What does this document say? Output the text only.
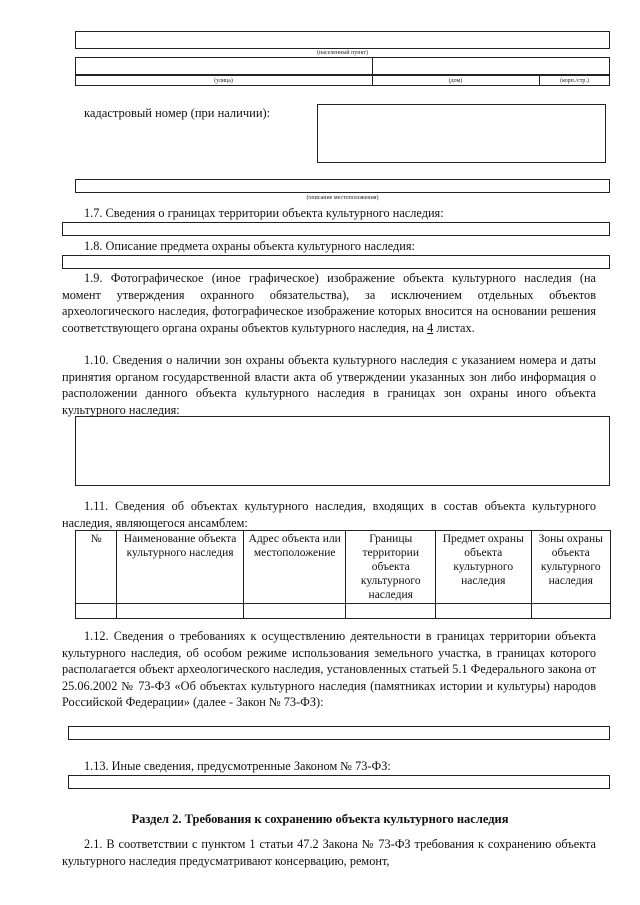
(населенный пункт)
(улица)	(дом)	(корп./стр.)
кадастровый номер (при наличии):
(описание местоположения)
1.7. Сведения о границах территории объекта культурного наследия:
1.8. Описание предмета охраны объекта культурного наследия:

1.9. Фотографическое (иное графическое) изображение объекта культурного наследия (на момент утверждения охранного обязательства), за исключением отдельных объектов археологического наследия, фотографическое изображение которых вносится на основании решения соответствующего органа охраны объектов культурного наследия, на 4 листах.

1.10. Сведения о наличии зон охраны объекта культурного наследия с указанием номера и даты принятия органом государственной власти акта об утверждении указанных зон либо информация о расположении данного объекта культурного наследия в границах зон охраны иного объекта культурного наследия:

1.11. Сведения об объектах культурного наследия, входящих в состав объекта культурного наследия, являющегося ансамблем:

№	Наименование объекта культурного наследия	Адрес объекта или местоположение	Границы территории объекта культурного наследия	Предмет охраны объекта культурного наследия	Зоны охраны объекта культурного наследия

1.12. Сведения о требованиях к осуществлению деятельности в границах территории объекта культурного наследия, об особом режиме использования земельного участка, в границах которого располагается объект археологического наследия, установленных статьей 5.1 Федерального закона от 25.06.2002 № 73-ФЗ «Об объектах культурного наследия (памятниках истории и культуры) народов Российской Федерации» (далее - Закон № 73-ФЗ):

1.13. Иные сведения, предусмотренные Законом № 73-ФЗ:
Раздел 2. Требования к сохранению объекта культурного наследия

2.1. В соответствии с пунктом 1 статьи 47.2 Закона № 73-ФЗ требования к сохранению объекта культурного наследия предусматривают консервацию, ремонт,
